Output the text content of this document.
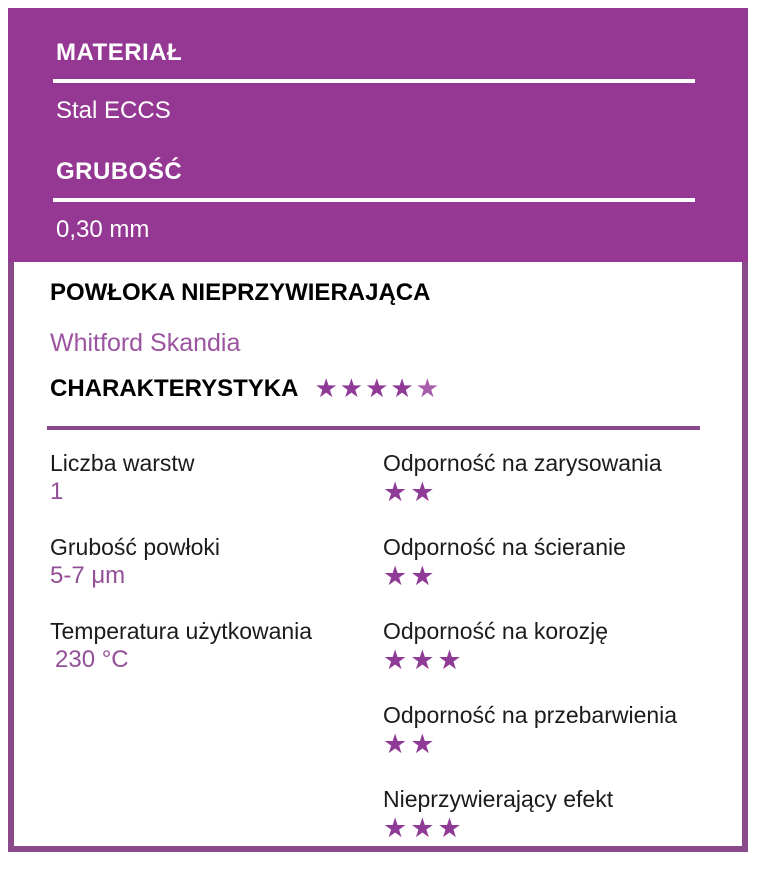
MATERIAŁ

Stal ECCS

GRUBOŚĆ

0,30 mm

POWŁOKA NIEPRZYWIERAJĄCA

Whitford Skandia

CHARAKTERYSTYKA ★★★★ ★

Liczba warstw

1

Grubość powłoki

5-7 μm

Temperatura użytkowania

230 °C

Odporność na zarysowania

★★

Odporność na ścieranie

★★

Odporność na korozję

★★★

Odporność na przebarwienia

★★

Nieprzywierający efekt

★★★
